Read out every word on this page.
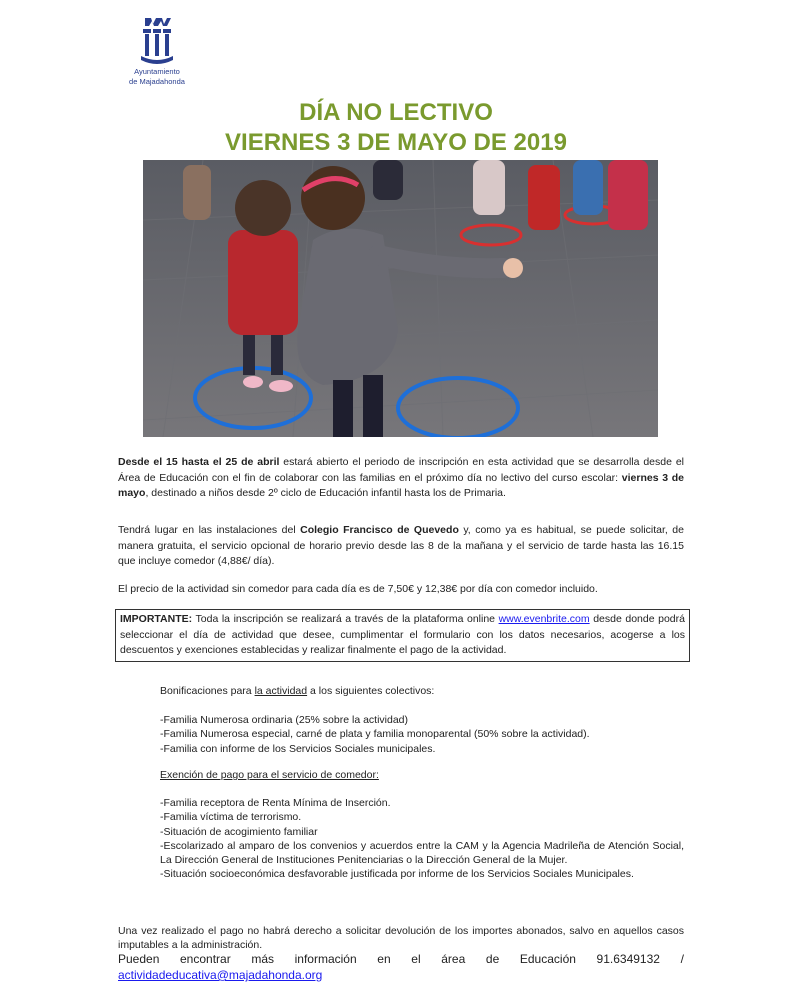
Ayuntamiento
de Majadahonda
DÍA NO LECTIVO
VIERNES 3 DE MAYO DE 2019
Desde el 15 hasta el 25 de abril estará abierto el periodo de inscripción en esta actividad que se desarrolla desde el Área de Educación con el fin de colaborar con las familias en el próximo día no lectivo del curso escolar: viernes 3 de mayo, destinado a niños desde 2º ciclo de Educación infantil hasta los de Primaria.
Tendrá lugar en las instalaciones del Colegio Francisco de Quevedo y, como ya es habitual, se puede solicitar, de manera gratuita, el servicio opcional de horario previo desde las 8 de la mañana y el servicio de tarde hasta las 16.15 que incluye comedor (4,88€/ día).
El precio de la actividad sin comedor para cada día es de 7,50€ y 12,38€ por día con comedor incluido.
IMPORTANTE: Toda la inscripción se realizará a través de la plataforma online www.evenbrite.com desde donde podrá seleccionar el día de actividad que desee, cumplimentar el formulario con los datos necesarios, acogerse a los descuentos y exenciones establecidas y realizar finalmente el pago de la actividad.
Bonificaciones para la actividad a los siguientes colectivos:
-Familia Numerosa ordinaria (25% sobre la actividad)
-Familia Numerosa especial, carné de plata y familia monoparental (50% sobre la actividad).
-Familia con informe de los Servicios Sociales municipales.
Exención de pago para el servicio de comedor:
-Familia receptora de Renta Mínima de Inserción.
-Familia víctima de terrorismo.
-Situación de acogimiento familiar
-Escolarizado al amparo de los convenios y acuerdos entre la CAM y la Agencia Madrileña de Atención Social, La Dirección General de Instituciones Penitenciarias o la Dirección General de la Mujer.
-Situación socioeconómica desfavorable justificada por informe de los Servicios Sociales Municipales.
Una vez realizado el pago no habrá derecho a solicitar devolución de los importes abonados, salvo en aquellos casos imputables a la administración.
Pueden encontrar más información en el área de Educación 91.6349132 /
actividadeducativa@majadahonda.org
